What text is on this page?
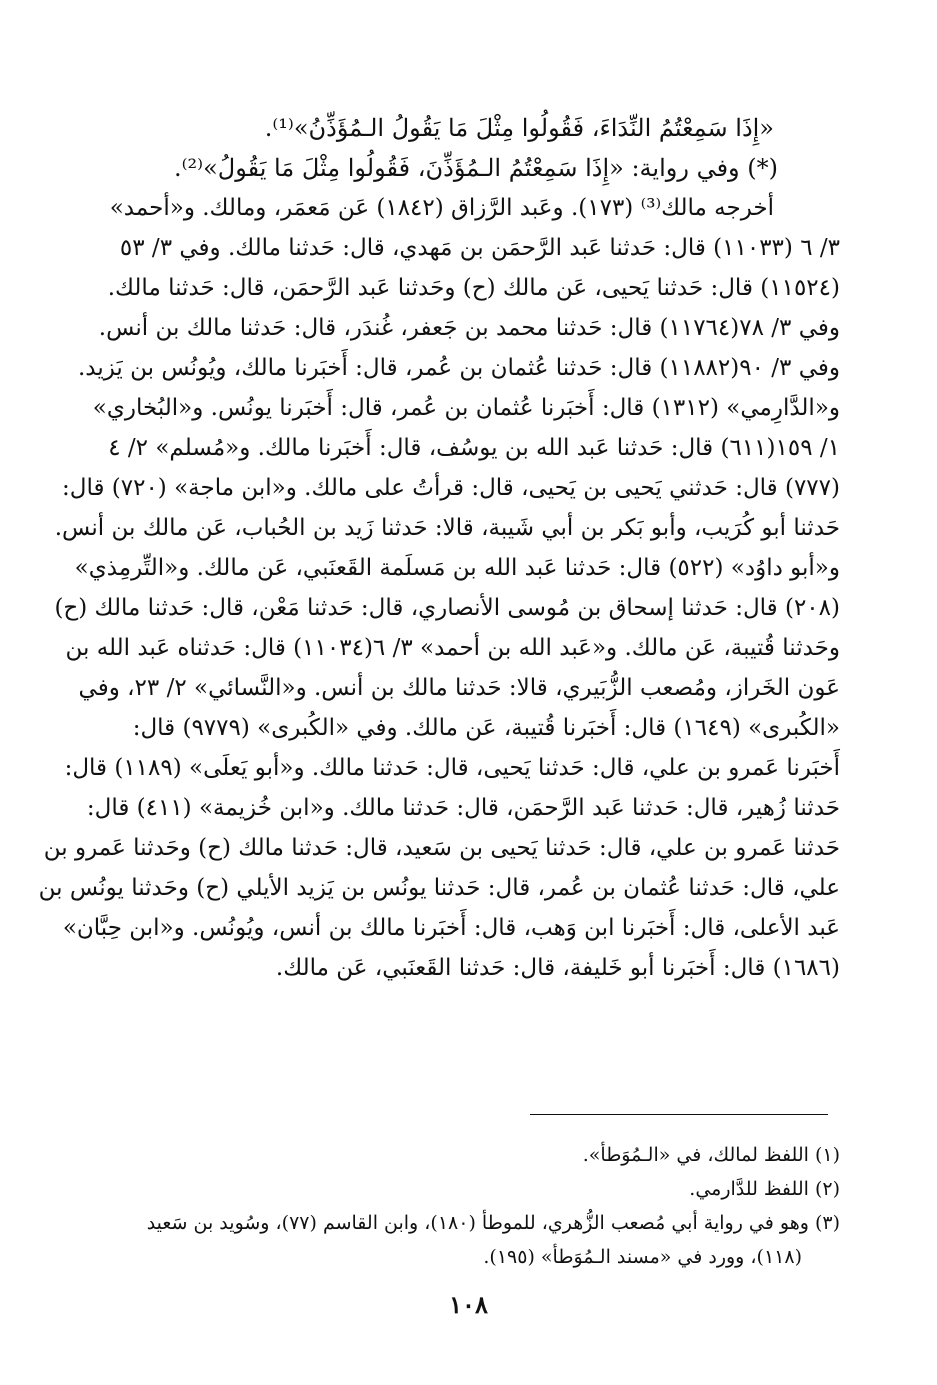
«إِذَا سَمِعْتُمُ النِّدَاءَ، فَقُولُوا مِثْلَ مَا يَقُولُ الـمُؤَذِّنُ»⁽¹⁾.
(*) وفي رواية: «إِذَا سَمِعْتُمُ الـمُؤَذِّنَ، فَقُولُوا مِثْلَ مَا يَقُولُ»⁽²⁾.
أخرجه مالك⁽³⁾ (١٧٣). وعَبد الرَّزاق (١٨٤٢) عَن مَعمَر، ومالك. و«أحمد»
٣/ ٦ (١١٠٣٣) قال: حَدثنا عَبد الرَّحمَن بن مَهدي، قال: حَدثنا مالك. وفي ٣/ ٥٣
(١١٥٢٤) قال: حَدثنا يَحيى، عَن مالك (ح) وحَدثنا عَبد الرَّحمَن، قال: حَدثنا مالك.
وفي ٣/ ٧٨(١١٧٦٤) قال: حَدثنا محمد بن جَعفر، غُندَر، قال: حَدثنا مالك بن أنس.
وفي ٣/ ٩٠(١١٨٨٢) قال: حَدثنا عُثمان بن عُمر، قال: أَخبَرنا مالك، ويُونُس بن يَزيد.
و«الدَّارِمي» (١٣١٢) قال: أَخبَرنا عُثمان بن عُمر، قال: أَخبَرنا يونُس. و«البُخاري»
١/ ١٥٩(٦١١) قال: حَدثنا عَبد الله بن يوسُف، قال: أَخبَرنا مالك. و«مُسلم» ٢/ ٤
(٧٧٧) قال: حَدثني يَحيى بن يَحيى، قال: قرأتُ على مالك. و«ابن ماجة» (٧٢٠) قال:
حَدثنا أبو كُرَيب، وأبو بَكر بن أبي شَيبة، قالا: حَدثنا زَيد بن الحُباب، عَن مالك بن أنس.
و«أبو داوُد» (٥٢٢) قال: حَدثنا عَبد الله بن مَسلَمة القَعنَبي، عَن مالك. و«التِّرمِذي»
(٢٠٨) قال: حَدثنا إسحاق بن مُوسى الأنصاري، قال: حَدثنا مَعْن، قال: حَدثنا مالك (ح)
وحَدثنا قُتيبة، عَن مالك. و«عَبد الله بن أحمد» ٣/ ٦(١١٠٣٤) قال: حَدثناه عَبد الله بن
عَون الخَراز، ومُصعب الزُّبَيري، قالا: حَدثنا مالك بن أنس. و«النَّسائي» ٢/ ٢٣، وفي
«الكُبرى» (١٦٤٩) قال: أَخبَرنا قُتيبة، عَن مالك. وفي «الكُبرى» (٩٧٧٩) قال:
أَخبَرنا عَمرو بن علي، قال: حَدثنا يَحيى، قال: حَدثنا مالك. و«أبو يَعلَى» (١١٨٩) قال:
حَدثنا زُهير، قال: حَدثنا عَبد الرَّحمَن، قال: حَدثنا مالك. و«ابن خُزيمة» (٤١١) قال:
حَدثنا عَمرو بن علي، قال: حَدثنا يَحيى بن سَعيد، قال: حَدثنا مالك (ح) وحَدثنا عَمرو بن
علي، قال: حَدثنا عُثمان بن عُمر، قال: حَدثنا يونُس بن يَزيد الأيلي (ح) وحَدثنا يونُس بن
عَبد الأعلى، قال: أَخبَرنا ابن وَهب، قال: أَخبَرنا مالك بن أنس، ويُونُس. و«ابن حِبَّان»
(١٦٨٦) قال: أَخبَرنا أبو خَليفة، قال: حَدثنا القَعنَبي، عَن مالك.
(١) اللفظ لمالك، في «الـمُوَطأ».
(٢) اللفظ للدَّارمي.
(٣) وهو في رواية أبي مُصعب الزُّهري، للموطأ (١٨٠)، وابن القاسم (٧٧)، وسُويد بن سَعيد
(١١٨)، وورد في «مسند الـمُوَطأ» (١٩٥).
١٠٨
